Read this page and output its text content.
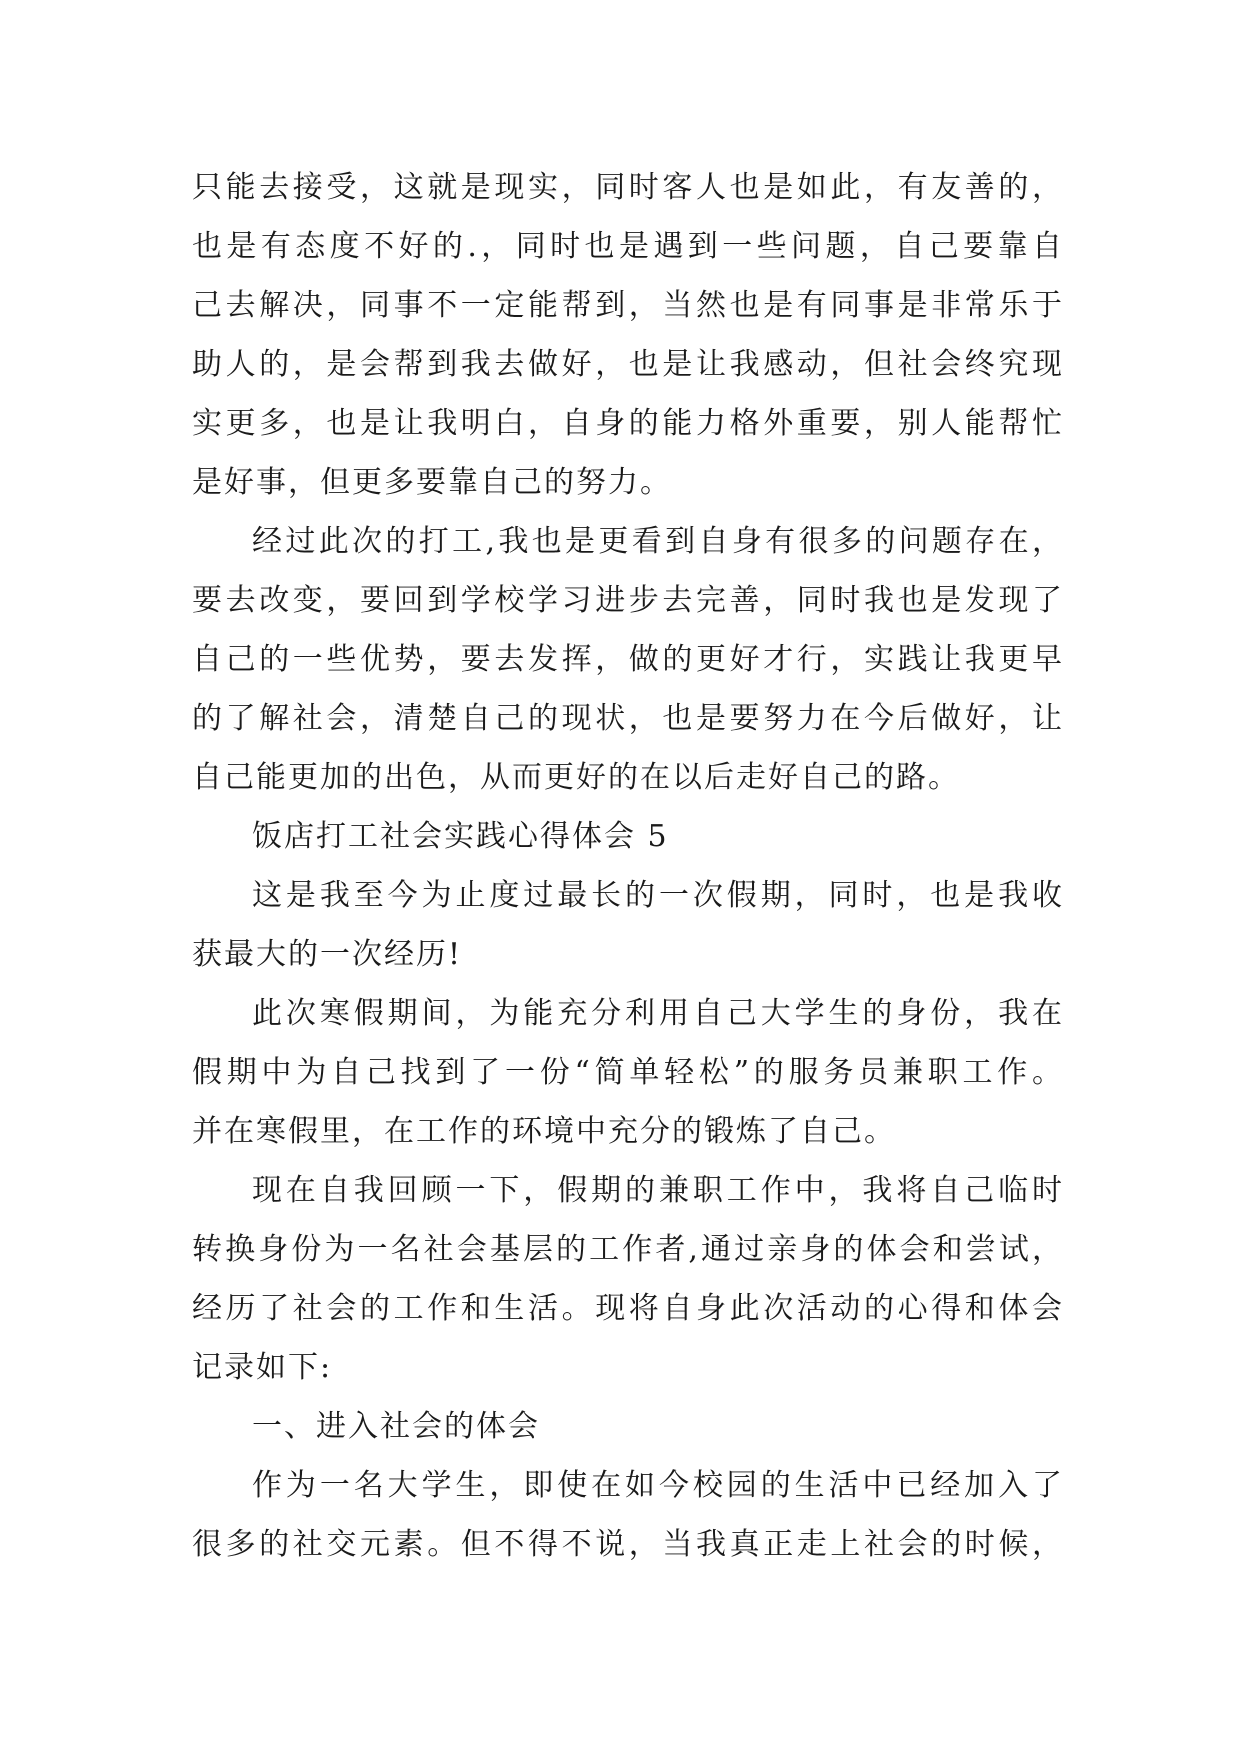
只能去接受，这就是现实，同时客人也是如此，有友善的，
也是有态度不好的.，同时也是遇到一些问题，自己要靠自
己去解决，同事不一定能帮到，当然也是有同事是非常乐于
助人的，是会帮到我去做好，也是让我感动，但社会终究现
实更多，也是让我明白，自身的能力格外重要，别人能帮忙
是好事，但更多要靠自己的努力。
经过此次的打工,我也是更看到自身有很多的问题存在，
要去改变，要回到学校学习进步去完善，同时我也是发现了
自己的一些优势，要去发挥，做的更好才行，实践让我更早
的了解社会，清楚自己的现状，也是要努力在今后做好，让
自己能更加的出色，从而更好的在以后走好自己的路。
饭店打工社会实践心得体会 5
这是我至今为止度过最长的一次假期，同时，也是我收
获最大的一次经历!
此次寒假期间，为能充分利用自己大学生的身份，我在
假期中为自己找到了一份“简单轻松”的服务员兼职工作。
并在寒假里，在工作的环境中充分的锻炼了自己。
现在自我回顾一下，假期的兼职工作中，我将自己临时
转换身份为一名社会基层的工作者,通过亲身的体会和尝试，
经历了社会的工作和生活。现将自身此次活动的心得和体会
记录如下:
一、进入社会的体会
作为一名大学生，即使在如今校园的生活中已经加入了
很多的社交元素。但不得不说，当我真正走上社会的时候，
